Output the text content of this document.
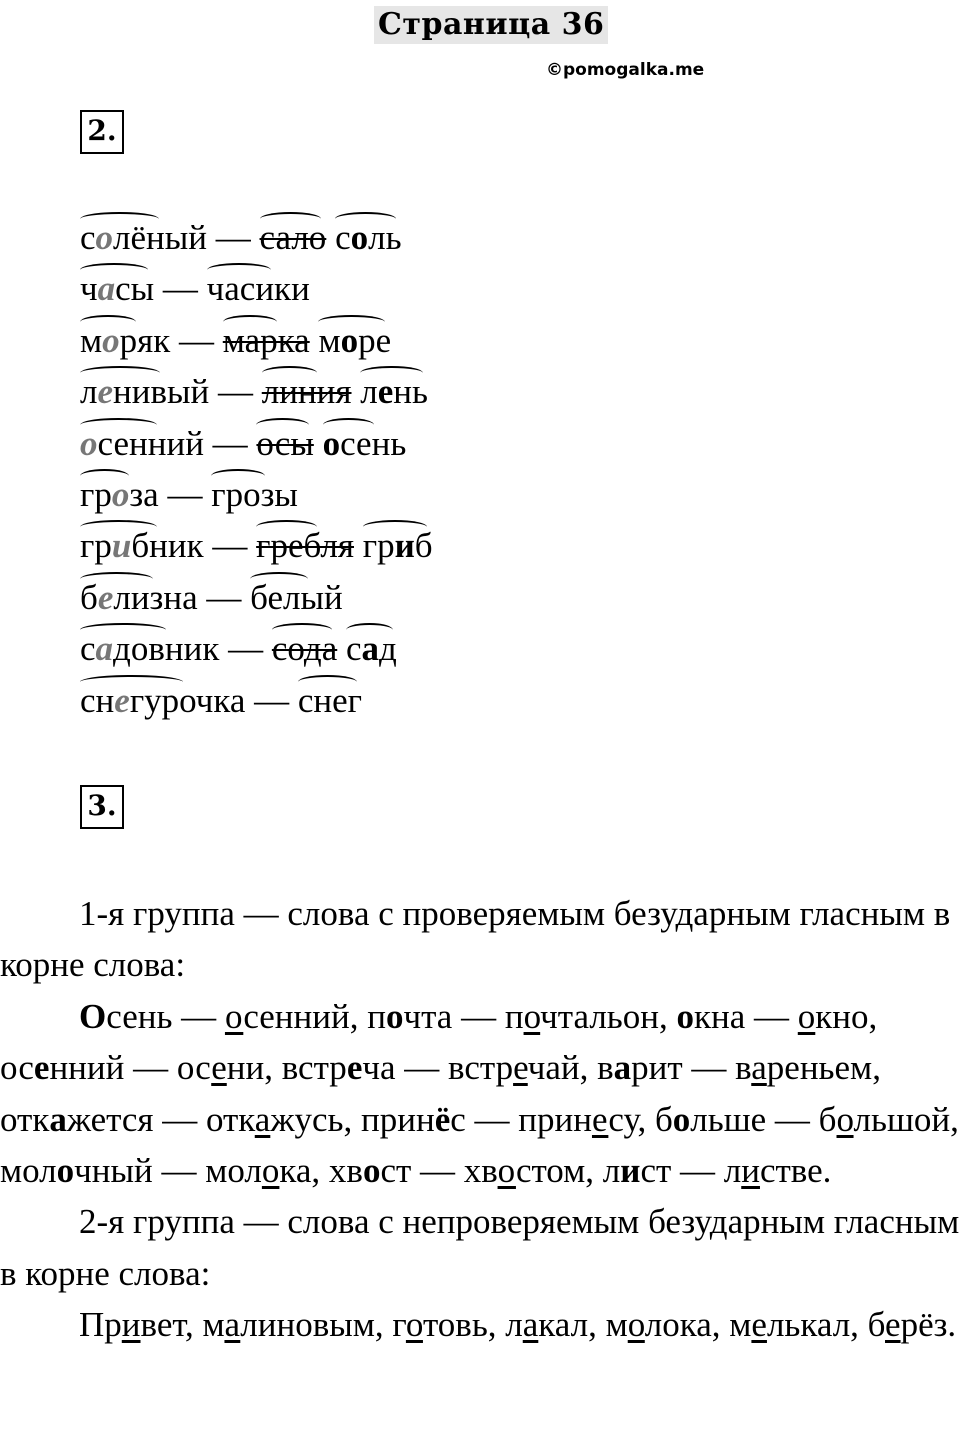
Страница 36
©pomogalka.me
2.
солёный — сало соль
часы — часики
моряк — марка море
ленивый — линия лень
осенний — осы осень
гроза — грозы
грибник — гребля гриб
белизна — белый
садовник — сода сад
снегурочка — снег
3.

1-я группа — слова с проверяемым безударным гласным в корне слова:

Осень — осенний, почта — почтальон, окна — окно, осенний — осени, встреча — встречай, варит — вареньем, откажется — откажусь, принёс — принесу, больше — большой, молочный — молока, хвост — хвостом, лист — листве.

2-я группа — слова с непроверяемым безударным гласным в корне слова:

Привет, малиновым, готовь, лакал, молока, мелькал, берёз.
